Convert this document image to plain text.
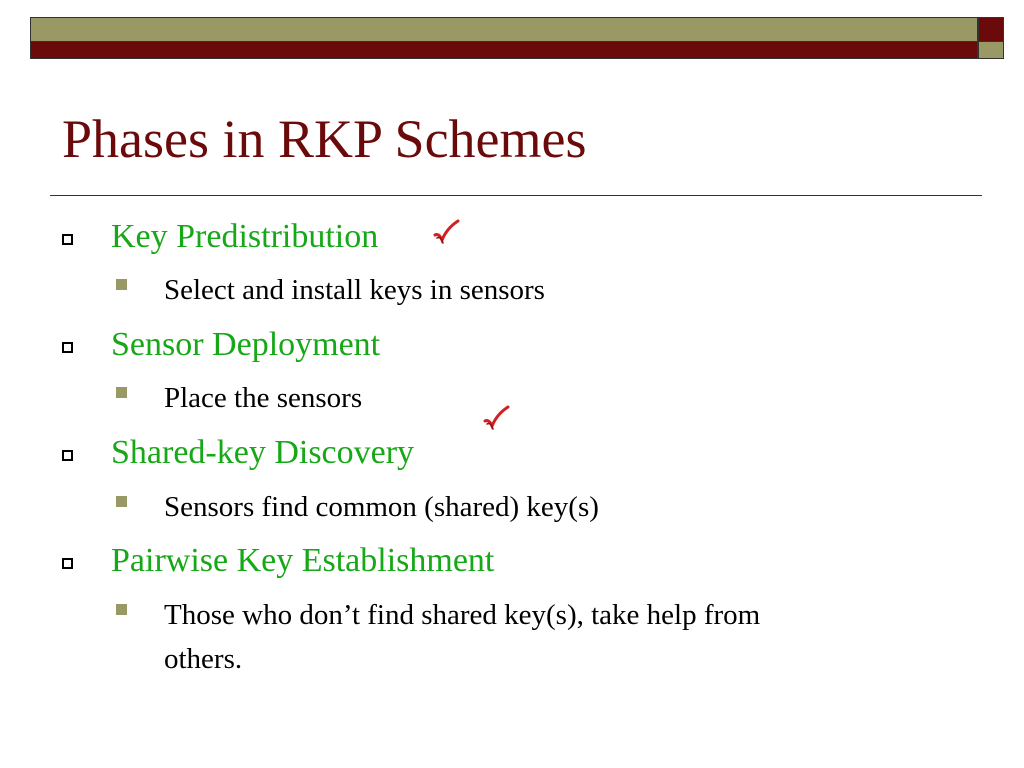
Phases in RKP Schemes
Key Predistribution
Select and install keys in sensors
Sensor Deployment
Place the sensors
Shared-key Discovery
Sensors find common (shared) key(s)
Pairwise Key Establishment
Those who don’t find shared key(s), take help from
others.
